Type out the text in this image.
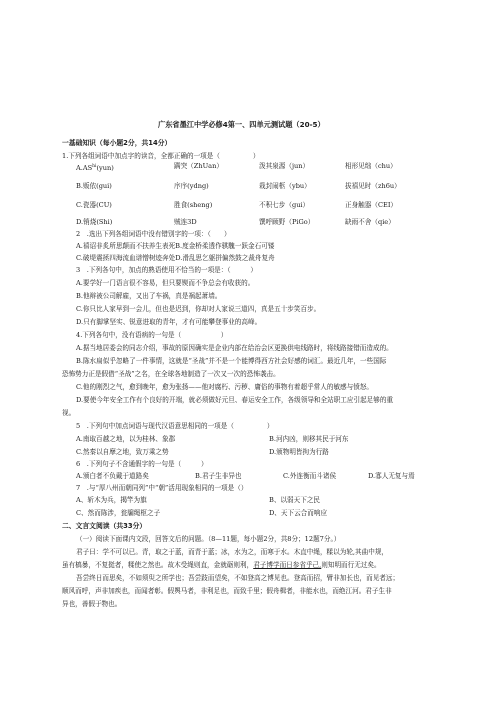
广东省墨江中学必修4第一、四单元测试题（20-5）
一基础知识（每小题2分，共14分）
1.下列各组词语中加点字的读音，全都正确的一项是（　　　　　）
$A.AS^{hi}(yun)$	蹒突（ZhUan）	泼其泉源（jun）	相形见绌（chu）
B.贩依(gui)	序序(ydng)	栽封闹柩（ybu）	拔禧见时（zh6u）
C.瓷器(CU)	胜食(sheng)	不积七步（gui）	正身触器（CEI）
D.销烧(Shi)	贼连3D	馔呼顾野（PiGo）	缺雨不舍（qie）
2　.选出下列各组词语中没有错别字的一项：（　　）
A.禧诏非炙所思颠而不扶养生表死B.度金桥柔透作骐騩一跃金石可镂
C.破堤震拯四海流血谱憎树迹奔处D.滑乱思乞躯拼偏然鼓之裁舟复舟
3　.下列各句中，加点的熟语使用不恰当的一项是：（　　　）
A.要学好一门语言很不容易，但只要锲而不争总会有收获的。
B.他辩被公司解雇，又出了车祸，真是祸起萧墙。
C.你只比人家早到一会儿，但也是迟到，你却对人家说三道四，真是五十步笑百步。
D.只有脚掌坚实、锐意进取的青年，才有可能攀登事业的高峰。
4.下列各句中，没有语病的一句是（　　　　　　）
A.据当地居委会的同志介绍，事故的原因确实是企业内部在给治会区更换供电线路时，将线路接错而造成的。
B.陈水扁似乎忽略了一件事情，这就是“圣战”并不是一个能博得西方社会好感的词汇。最近几年，一些国际
恐怖势力正是假借“圣战”之名，在全球各地制造了一次又一次的恐怖袭击。
C.他的刚烈之气，愈到晚年，愈为张扬——他对腐朽、污秽、庸俗的事物有着超乎常人的敏感与愤怒。
D.要使今年安全工作有个良好的开端，就必须做好元旦、春运安全工作，各级领导和全站职工应引起足够的重
视。
5　.下列句中加点词语与现代汉语意思相同的一项是（　　　　　）
A.南取百越之地，以为桂林、象郡	B.河内凶，则移其民于河东
C.然秦以自摩之地，致万乘之势	D.颁物明皆拘为行路
6　.下列句子不含通假字的一句是（　　　）
A.颁白者不负戴于道路矣	B.君子生非异也	C.外连衡而斗诸侯	D.寡人无复与焉
7　.与“厚八州而朝同列”中“朝”活用现象相同的一项是（）
A、斩木为兵，揭竿为旗	B、以弱天下之民
C、然而陈涉，瓮牖绳枢之子	D、天下云合而响应
二、文言文阅读（共33分）
（一）阅读下面课内文段，回答文后的问题。（8—11题，每小题2分，共8分；12题7分。）
君子曰：学不可以已。青，取之于蓝，而青于蓝；冰，水为之，而寒于水。木直中绳，糅以为轮,其曲中规，
虽有槁暴，不复挺者，糅使之然也。故木受绳则直，金就砺则利，君子博学而日参省乎己,则知明而行无过矣。
吾尝终日而思矣，不如须臾之所学也；吾尝跂而望矣，不如登高之博见也。登高而招，臂非加长也，而见者远；
顺风而呼，声非加疾也，而闻者彰。假舆马者，非利足也，而致千里；假舟楫者，非能水也，而绝江河。君子生非
异也，善假于物也。
